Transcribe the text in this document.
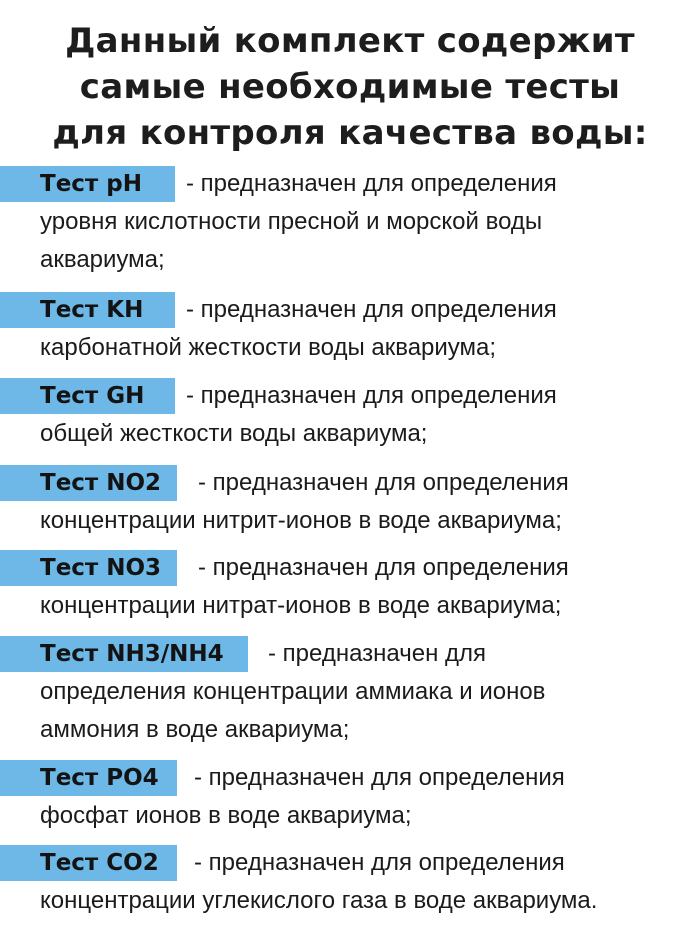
Данный комплект содержит
самые необходимые тесты
для контроля качества воды:
Тест pH	- предназначен для определения
уровня кислотности пресной и морской воды
аквариума;
Тест KH	- предназначен для определения
карбонатной жесткости воды аквариума;
Тест GH	- предназначен для определения
общей жесткости воды аквариума;
Тест NO2	- предназначен для определения
концентрации нитрит-ионов в воде аквариума;
Тест NO3	- предназначен для определения
концентрации нитрат-ионов в воде аквариума;
Тест NH3/NH4	- предназначен для
определения концентрации аммиака и ионов
аммония в воде аквариума;
Тест PO4	- предназначен для определения
фосфат ионов в воде аквариума;
Тест CO2	- предназначен для определения
концентрации углекислого газа в воде аквариума.
